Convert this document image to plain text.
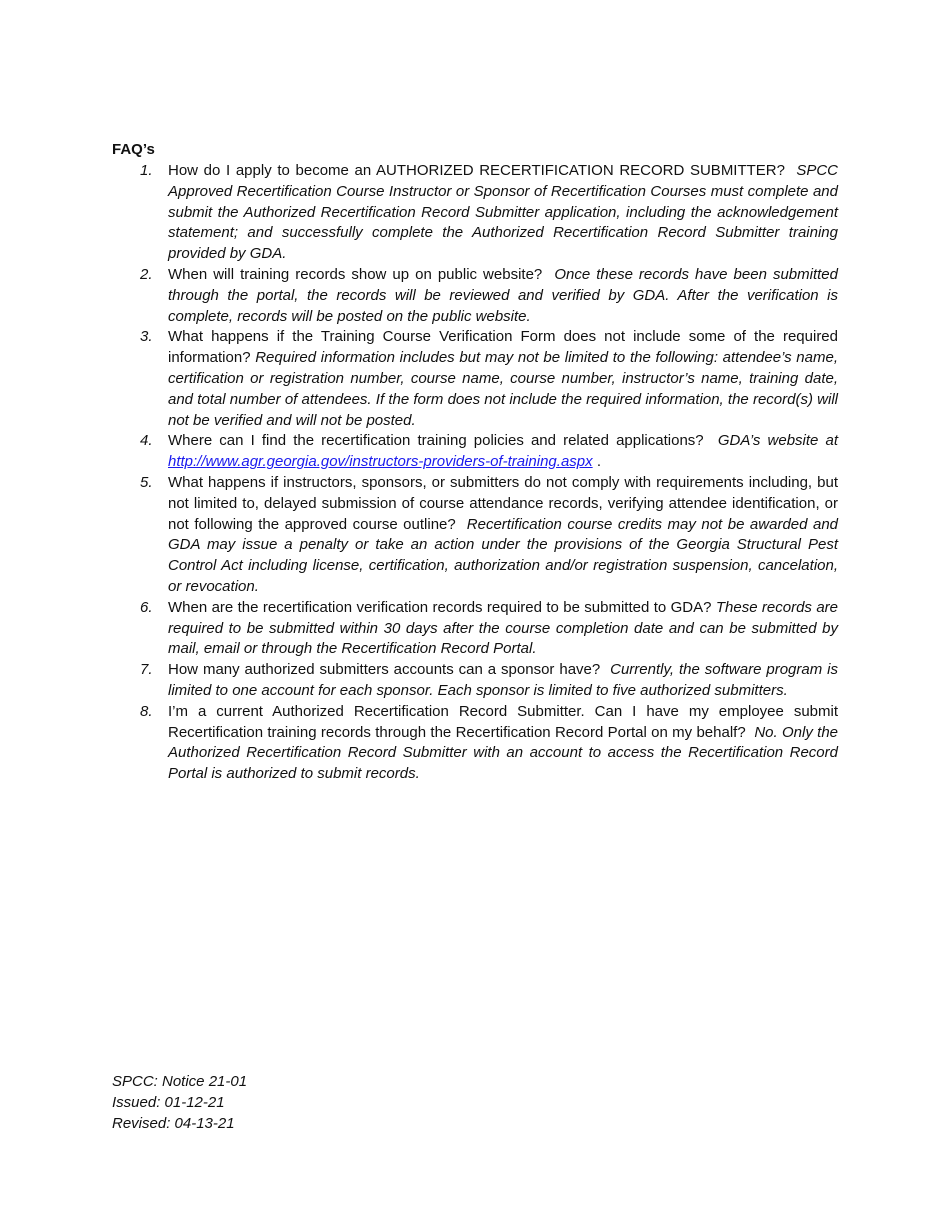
FAQ’s
1. How do I apply to become an AUTHORIZED RECERTIFICATION RECORD SUBMITTER? SPCC Approved Recertification Course Instructor or Sponsor of Recertification Courses must complete and submit the Authorized Recertification Record Submitter application, including the acknowledgement statement; and successfully complete the Authorized Recertification Record Submitter training provided by GDA.
2. When will training records show up on public website? Once these records have been submitted through the portal, the records will be reviewed and verified by GDA. After the verification is complete, records will be posted on the public website.
3. What happens if the Training Course Verification Form does not include some of the required information? Required information includes but may not be limited to the following: attendee’s name, certification or registration number, course name, course number, instructor’s name, training date, and total number of attendees. If the form does not include the required information, the record(s) will not be verified and will not be posted.
4. Where can I find the recertification training policies and related applications? GDA’s website at http://www.agr.georgia.gov/instructors-providers-of-training.aspx .
5. What happens if instructors, sponsors, or submitters do not comply with requirements including, but not limited to, delayed submission of course attendance records, verifying attendee identification, or not following the approved course outline? Recertification course credits may not be awarded and GDA may issue a penalty or take an action under the provisions of the Georgia Structural Pest Control Act including license, certification, authorization and/or registration suspension, cancelation, or revocation.
6. When are the recertification verification records required to be submitted to GDA? These records are required to be submitted within 30 days after the course completion date and can be submitted by mail, email or through the Recertification Record Portal.
7. How many authorized submitters accounts can a sponsor have? Currently, the software program is limited to one account for each sponsor. Each sponsor is limited to five authorized submitters.
8. I’m a current Authorized Recertification Record Submitter. Can I have my employee submit Recertification training records through the Recertification Record Portal on my behalf? No. Only the Authorized Recertification Record Submitter with an account to access the Recertification Record Portal is authorized to submit records.
SPCC: Notice 21-01
Issued: 01-12-21
Revised: 04-13-21
